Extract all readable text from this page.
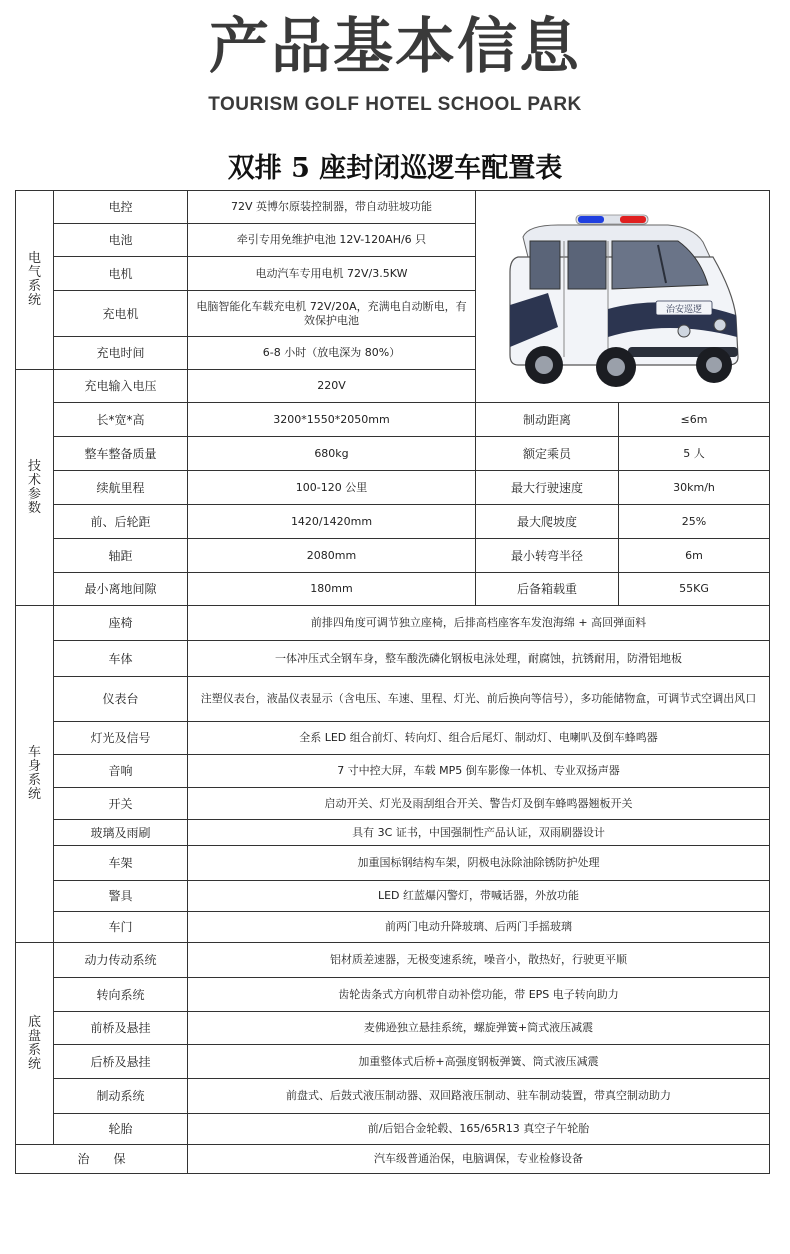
产品基本信息
TOURISM GOLF HOTEL SCHOOL PARK
双排 5 座封闭巡逻车配置表
电气系统	电控	72V 英博尔原装控制器，带自动驻坡功能	治安巡逻	

	电池	牵引专用免维护电池 12V-120AH/6 只		
	电机	电动汽车专用电机 72V/3.5KW		
	充电机	电脑智能化车载充电机 72V/20A，充满电自动断电，有效保护电池		
	充电时间	6-8 小时（放电深为 80%）		
技术参数	充电输入电压	220V		
	长*宽*高	3200*1550*2050mm	制动距离	≤6m
	整车整备质量	680kg	额定乘员	5 人
	续航里程	100-120 公里	最大行驶速度	30km/h
	前、后轮距	1420/1420mm	最大爬坡度	25%
	轴距	2080mm	最小转弯半径	6m
	最小离地间隙	180mm	后备箱载重	55KG
车身系统	座椅	前排四角度可调节独立座椅，后排高档座客车发泡海绵 + 高回弹面料		
	车体	一体冲压式全钢车身，整车酸洗磷化钢板电泳处理，耐腐蚀，抗锈耐用，防滑铝地板		
	仪表台	注塑仪表台，液晶仪表显示（含电压、车速、里程、灯光、前后换向等信号），多功能储物盒，可调节式空调出风口		
	灯光及信号	全系 LED 组合前灯、转向灯、组合后尾灯、制动灯、电喇叭及倒车蜂鸣器		
	音响	7 寸中控大屏，车载 MP5 倒车影像一体机、专业双扬声器		
	开关	启动开关、灯光及雨刮组合开关、警告灯及倒车蜂鸣器翘板开关		
	玻璃及雨刷	具有 3C 证书，中国强制性产品认证，双雨刷器设计		
	车架	加重国标钢结构车架，阴极电泳除油除锈防护处理		
	警具	LED 红蓝爆闪警灯，带喊话器，外放功能		
	车门	前两门电动升降玻璃、后两门手摇玻璃		
底盘系统	动力传动系统	铝材质差速器，无极变速系统，噪音小，散热好，行驶更平顺		
	转向系统	齿轮齿条式方向机带自动补偿功能，带 EPS 电子转向助力		
	前桥及悬挂	麦佛逊独立悬挂系统，螺旋弹簧+筒式液压减震		
	后桥及悬挂	加重整体式后桥+高强度钢板弹簧、筒式液压减震		
	制动系统	前盘式、后鼓式液压制动器、双回路液压制动、驻车制动装置，带真空制动助力		
	轮胎	前/后铝合金轮毂、165/65R13 真空子午轮胎		
治　　保		汽车级普通治保，电脑调保，专业检修设备		
